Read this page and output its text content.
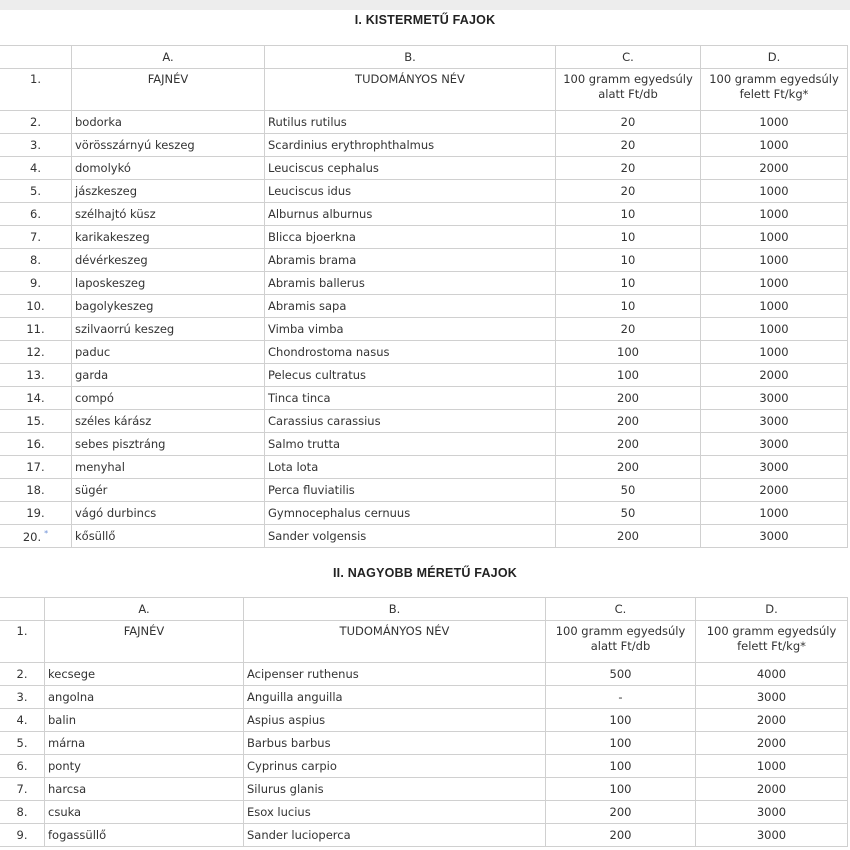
I. KISTERMETŰ FAJOK
	A.	B.	C.	D.
1.	FAJNÉV	TUDOMÁNYOS NÉV	100 gramm egyedsúly alatt Ft/db	100 gramm egyedsúly felett Ft/kg*
2.	bodorka	Rutilus rutilus	20	1000
3.	vörösszárnyú keszeg	Scardinius erythrophthalmus	20	1000
4.	domolykó	Leuciscus cephalus	20	2000
5.	jászkeszeg	Leuciscus idus	20	1000
6.	szélhajtó küsz	Alburnus alburnus	10	1000
7.	karikakeszeg	Blicca bjoerkna	10	1000
8.	dévérkeszeg	Abramis brama	10	1000
9.	laposkeszeg	Abramis ballerus	10	1000
10.	bagolykeszeg	Abramis sapa	10	1000
11.	szilvaorrú keszeg	Vimba vimba	20	1000
12.	paduc	Chondrostoma nasus	100	1000
13.	garda	Pelecus cultratus	100	2000
14.	compó	Tinca tinca	200	3000
15.	széles kárász	Carassius carassius	200	3000
16.	sebes pisztráng	Salmo trutta	200	3000
17.	menyhal	Lota lota	200	3000
18.	sügér	Perca fluviatilis	50	2000
19.	vágó durbincs	Gymnocephalus cernuus	50	1000
20. *	kősüllő	Sander volgensis	200	3000
II. NAGYOBB MÉRETŰ FAJOK
	A.	B.	C.	D.
1.	FAJNÉV	TUDOMÁNYOS NÉV	100 gramm egyedsúly alatt Ft/db	100 gramm egyedsúly felett Ft/kg*
2.	kecsege	Acipenser ruthenus	500	4000
3.	angolna	Anguilla anguilla	-	3000
4.	balin	Aspius aspius	100	2000
5.	márna	Barbus barbus	100	2000
6.	ponty	Cyprinus carpio	100	1000
7.	harcsa	Silurus glanis	100	2000
8.	csuka	Esox lucius	200	3000
9.	fogassüllő	Sander lucioperca	200	3000
